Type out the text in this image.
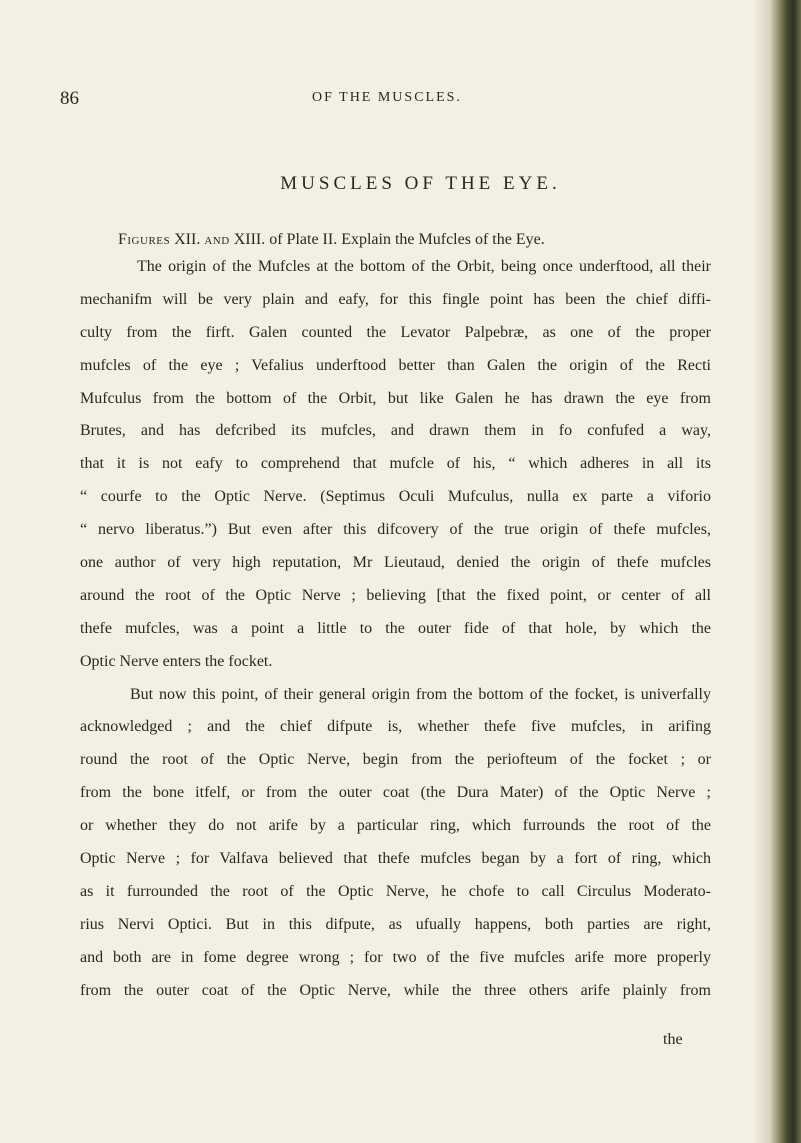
86	OF THE MUSCLES.
MUSCLES OF THE EYE.
Figures XII. and XIII. of Plate II. Explain the Mufcles of the Eye.
The origin of the Mufcles at the bottom of the Orbit, being once underftood, all their
mechanifm will be very plain and eafy, for this fingle point has been the chief diffi-
culty from the firft. Galen counted the Levator Palpebræ, as one of the proper
mufcles of the eye ; Vefalius underftood better than Galen the origin of the Recti
Mufculus from the bottom of the Orbit, but like Galen he has drawn the eye from
Brutes, and has defcribed its mufcles, and drawn them in fo confufed a way,
that it is not eafy to comprehend that mufcle of his, “ which adheres in all its
“ courfe to the Optic Nerve. (Septimus Oculi Mufculus, nulla ex parte a viforio
“ nervo liberatus.”) But even after this difcovery of the true origin of thefe mufcles,
one author of very high reputation, Mr Lieutaud, denied the origin of thefe mufcles
around the root of the Optic Nerve ; believing [that the fixed point, or center of all
thefe mufcles, was a point a little to the outer fide of that hole, by which the
Optic Nerve enters the focket.
But now this point, of their general origin from the bottom of the focket, is univerfally
acknowledged ; and the chief difpute is, whether thefe five mufcles, in arifing
round the root of the Optic Nerve, begin from the periofteum of the focket ; or
from the bone itfelf, or from the outer coat (the Dura Mater) of the Optic Nerve ;
or whether they do not arife by a particular ring, which furrounds the root of the
Optic Nerve ; for Valfava believed that thefe mufcles began by a fort of ring, which
as it furrounded the root of the Optic Nerve, he chofe to call Circulus Moderato-
rius Nervi Optici. But in this difpute, as ufually happens, both parties are right,
and both are in fome degree wrong ; for two of the five mufcles arife more properly
from the outer coat of the Optic Nerve, while the three others arife plainly from
the
